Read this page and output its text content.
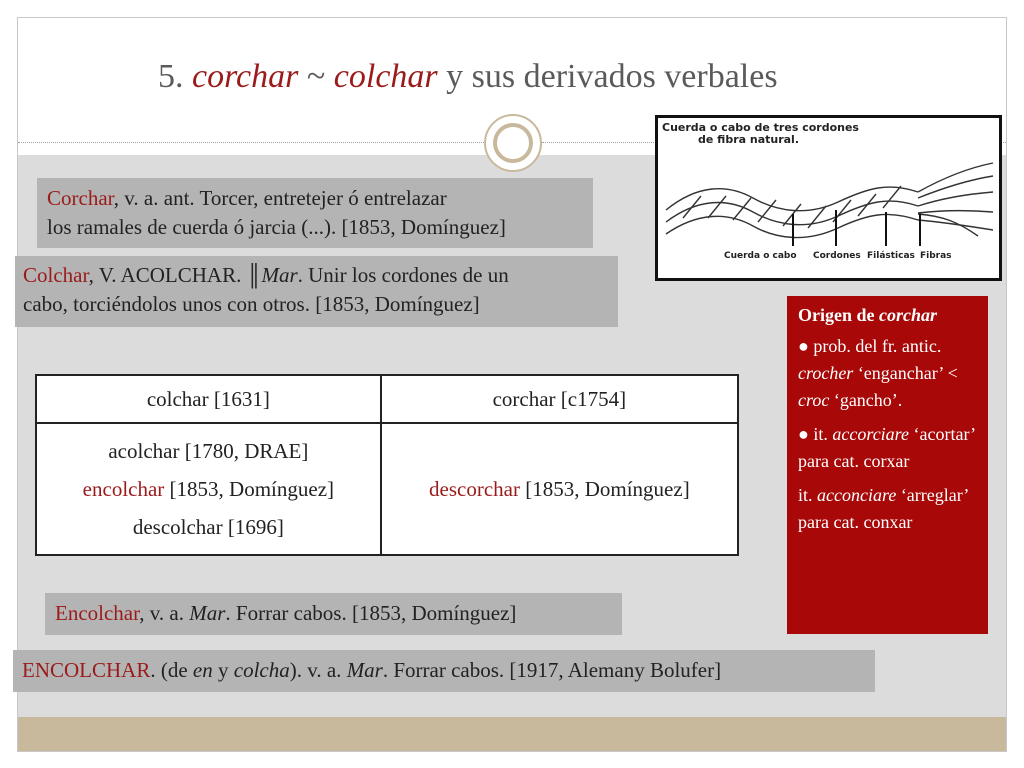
5. corchar ~ colchar y sus derivados verbales
Corchar, v. a. ant. Torcer, entretejer ó entrelazar
los ramales de cuerda ó jarcia (...). [1853, Domínguez]
Colchar, V. ACOLCHAR. ║Mar. Unir los cordones de un
cabo, torciéndolos unos con otros. [1853, Domínguez]
colchar [1631]	corchar [c1754]

acolchar [1780, DRAE]
encolchar [1853, Domínguez]
descolchar [1696]	descorchar [1853, Domínguez]
Encolchar, v. a. Mar. Forrar cabos. [1853, Domínguez]
ENCOLCHAR. (de en y colcha). v. a. Mar. Forrar cabos. [1917, Alemany Bolufer]
Origen de corchar

● prob. del fr. antic. crocher ‘enganchar’ < croc ‘gancho’.

● it. accorciare ‘acortar’ para cat. corxar

it. acconciare ‘arreglar’ para cat. conxar

Cuerda o cabo de tres cordones
de fibra natural.
Cuerda o cabo Cordones Filásticas Fibras
